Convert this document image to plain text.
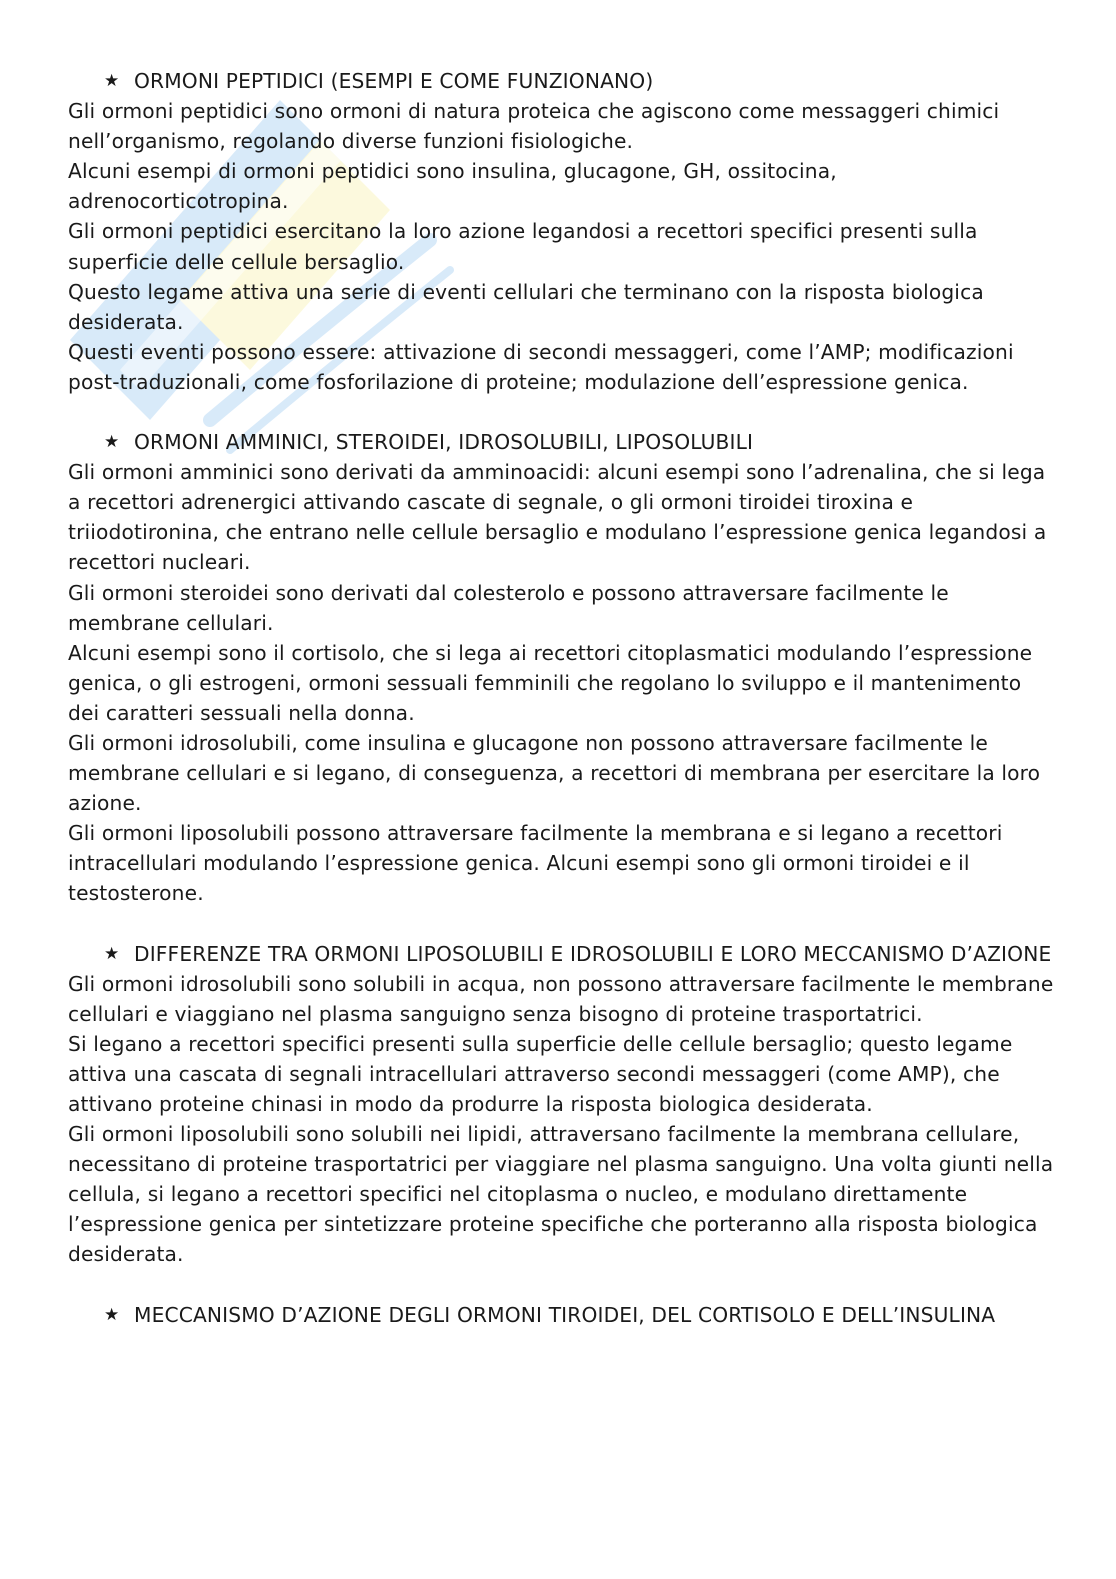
★ ORMONI PEPTIDICI (ESEMPI E COME FUNZIONANO)

Gli ormoni peptidici sono ormoni di natura proteica che agiscono come messaggeri chimici nell’organismo, regolando diverse funzioni fisiologiche.

Alcuni esempi di ormoni peptidici sono insulina, glucagone, GH, ossitocina, adrenocorticotropina.

Gli ormoni peptidici esercitano la loro azione legandosi a recettori specifici presenti sulla superficie delle cellule bersaglio.

Questo legame attiva una serie di eventi cellulari che terminano con la risposta biologica desiderata.

Questi eventi possono essere: attivazione di secondi messaggeri, come l’AMP; modificazioni post-traduzionali, come fosforilazione di proteine; modulazione dell’espressione genica.

★ ORMONI AMMINICI, STEROIDEI, IDROSOLUBILI, LIPOSOLUBILI

Gli ormoni amminici sono derivati da amminoacidi: alcuni esempi sono l’adrenalina, che si lega a recettori adrenergici attivando cascate di segnale, o gli ormoni tiroidei tiroxina e triiodotironina, che entrano nelle cellule bersaglio e modulano l’espressione genica legandosi a recettori nucleari.

Gli ormoni steroidei sono derivati dal colesterolo e possono attraversare facilmente le membrane cellulari.

Alcuni esempi sono il cortisolo, che si lega ai recettori citoplasmatici modulando l’espressione genica, o gli estrogeni, ormoni sessuali femminili che regolano lo sviluppo e il mantenimento dei caratteri sessuali nella donna.

Gli ormoni idrosolubili, come insulina e glucagone non possono attraversare facilmente le membrane cellulari e si legano, di conseguenza, a recettori di membrana per esercitare la loro azione.

Gli ormoni liposolubili possono attraversare facilmente la membrana e si legano a recettori intracellulari modulando l’espressione genica. Alcuni esempi sono gli ormoni tiroidei e il testosterone.

★ DIFFERENZE TRA ORMONI LIPOSOLUBILI E IDROSOLUBILI E LORO MECCANISMO D’AZIONE

Gli ormoni idrosolubili sono solubili in acqua, non possono attraversare facilmente le membrane cellulari e viaggiano nel plasma sanguigno senza bisogno di proteine trasportatrici.

Si legano a recettori specifici presenti sulla superficie delle cellule bersaglio; questo legame attiva una cascata di segnali intracellulari attraverso secondi messaggeri (come AMP), che attivano proteine chinasi in modo da produrre la risposta biologica desiderata.

Gli ormoni liposolubili sono solubili nei lipidi, attraversano facilmente la membrana cellulare, necessitano di proteine trasportatrici per viaggiare nel plasma sanguigno. Una volta giunti nella cellula, si legano a recettori specifici nel citoplasma o nucleo, e modulano direttamente l’espressione genica per sintetizzare proteine specifiche che porteranno alla risposta biologica desiderata.

★ MECCANISMO D’AZIONE DEGLI ORMONI TIROIDEI, DEL CORTISOLO E DELL’INSULINA
